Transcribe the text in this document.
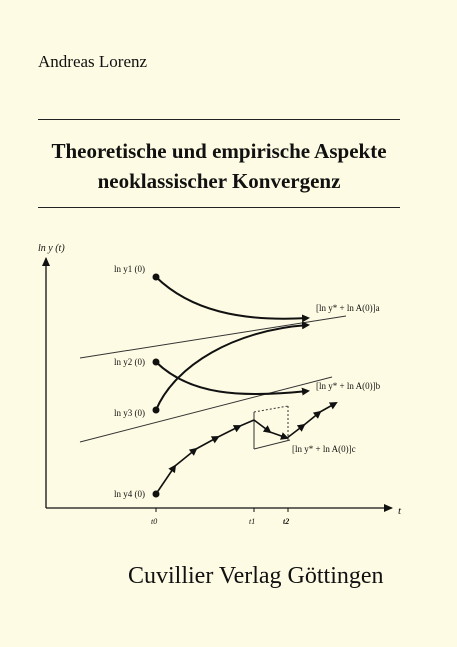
Andreas Lorenz
Theoretische und empirische Aspekte
neoklassischer Konvergenz
ln y (t)
t
t0	t1	t2
ln y1 (0)
ln y2 (0)
ln y3 (0)
ln y4 (0)
[ln y* + ln A(0)]a
[ln y* + ln A(0)]b
[ln y* + ln A(0)]c
Cuvillier Verlag Göttingen
